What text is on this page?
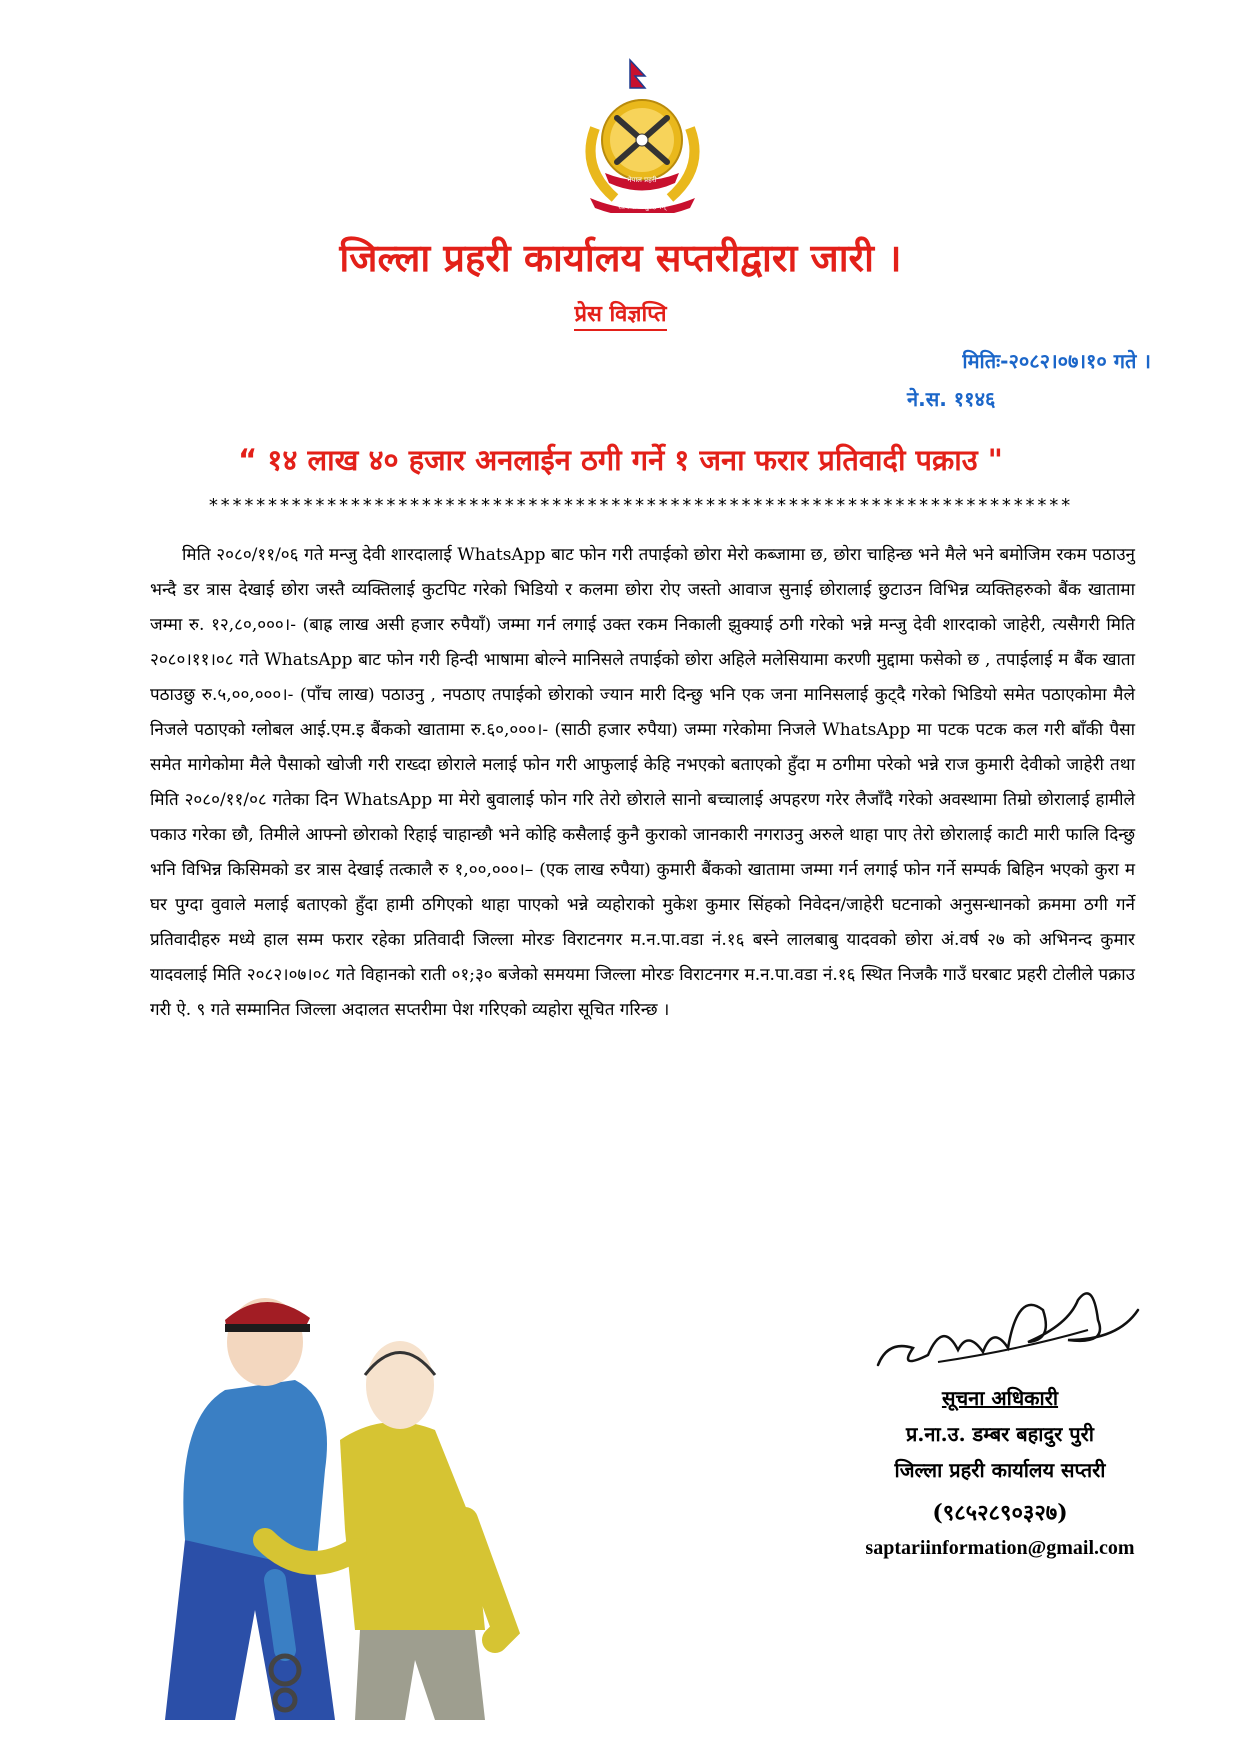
नेपाल प्रहरी
सत्य सेवा सुरक्षणम्
जिल्ला प्रहरी कार्यालय सप्तरीद्वारा जारी ।
प्रेस विज्ञप्ति
मितिः-२०८२।०७।१० गते ।
ने.स. ११४६
“ १४ लाख ४० हजार अनलाईन ठगी गर्ने १ जना फरार प्रतिवादी पक्राउ "
*************************************************************************
मिति २०८०/११/०६ गते मन्जु देवी शारदालाई WhatsApp बाट फोन गरी तपाईको छोरा मेरो कब्जामा छ, छोरा चाहिन्छ भने मैले भने बमोजिम रकम पठाउनु भन्दै डर त्रास देखाई छोरा जस्तै व्यक्तिलाई कुटपिट गरेको भिडियो र कलमा छोरा रोए जस्तो आवाज सुनाई छोरालाई छुटाउन विभिन्न व्यक्तिहरुको बैंक खातामा जम्मा रु. १२,८०,०००।- (बाह्र लाख असी हजार रुपैयाँ) जम्मा गर्न लगाई उक्त रकम निकाली झुक्याई ठगी गरेको भन्ने मन्जु देवी शारदाको जाहेरी, त्यसैगरी मिति २०८०।११।०८ गते WhatsApp बाट फोन गरी हिन्दी भाषामा बोल्ने मानिसले तपाईको छोरा अहिले मलेसियामा करणी मुद्दामा फसेको छ , तपाईलाई म बैंक खाता पठाउछु रु.५,००,०००।- (पाँच लाख) पठाउनु , नपठाए तपाईको छोराको ज्यान मारी दिन्छु भनि एक जना मानिसलाई कुट्दै गरेको भिडियो समेत पठाएकोमा मैले निजले पठाएको ग्लोबल आई.एम.इ बैंकको खातामा रु.६०,०००।- (साठी हजार रुपैया) जम्मा गरेकोमा निजले WhatsApp मा पटक पटक कल गरी बाँकी पैसा समेत मागेकोमा मैले पैसाको खोजी गरी राख्दा छोराले मलाई फोन गरी आफुलाई केहि नभएको बताएको हुँदा म ठगीमा परेको भन्ने राज कुमारी देवीको जाहेरी तथा मिति २०८०/११/०८ गतेका दिन WhatsApp मा मेरो बुवालाई फोन गरि तेरो छोराले सानो बच्चालाई अपहरण गरेर लैजाँदै गरेको अवस्थामा तिम्रो छोरालाई हामीले पकाउ गरेका छौ, तिमीले आफ्नो छोराको रिहाई चाहान्छौ भने कोहि कसैलाई कुनै कुराको जानकारी नगराउनु अरुले थाहा पाए तेरो छोरालाई काटी मारी फालि दिन्छु भनि विभिन्न किसिमको डर त्रास देखाई तत्कालै रु १,००,०००।– (एक लाख रुपैया) कुमारी बैंकको खातामा जम्मा गर्न लगाई फोन गर्ने सम्पर्क बिहिन भएको कुरा म घर पुग्दा वुवाले मलाई बताएको हुँदा हामी ठगिएको थाहा पाएको भन्ने व्यहोराको मुकेश कुमार सिंहको निवेदन/जाहेरी घटनाको अनुसन्धानको क्रममा ठगी गर्ने प्रतिवादीहरु मध्ये हाल सम्म फरार रहेका प्रतिवादी जिल्ला मोरङ विराटनगर म.न.पा.वडा नं.१६ बस्ने लालबाबु यादवको छोरा अं.वर्ष २७ को अभिनन्द कुमार यादवलाई मिति २०८२।०७।०८ गते विहानको राती ०१;३० बजेको समयमा जिल्ला मोरङ विराटनगर म.न.पा.वडा नं.१६ स्थित निजकै गाउँ घरबाट प्रहरी टोलीले पक्राउ गरी ऐ. ९ गते सम्मानित जिल्ला अदालत सप्तरीमा पेश गरिएको व्यहोरा सूचित गरिन्छ ।
सूचना अधिकारी
प्र.ना.उ. डम्बर बहादुर पुरी
जिल्ला प्रहरी कार्यालय सप्तरी
(९८५२८९०३२७)
saptariinformation@gmail.com
